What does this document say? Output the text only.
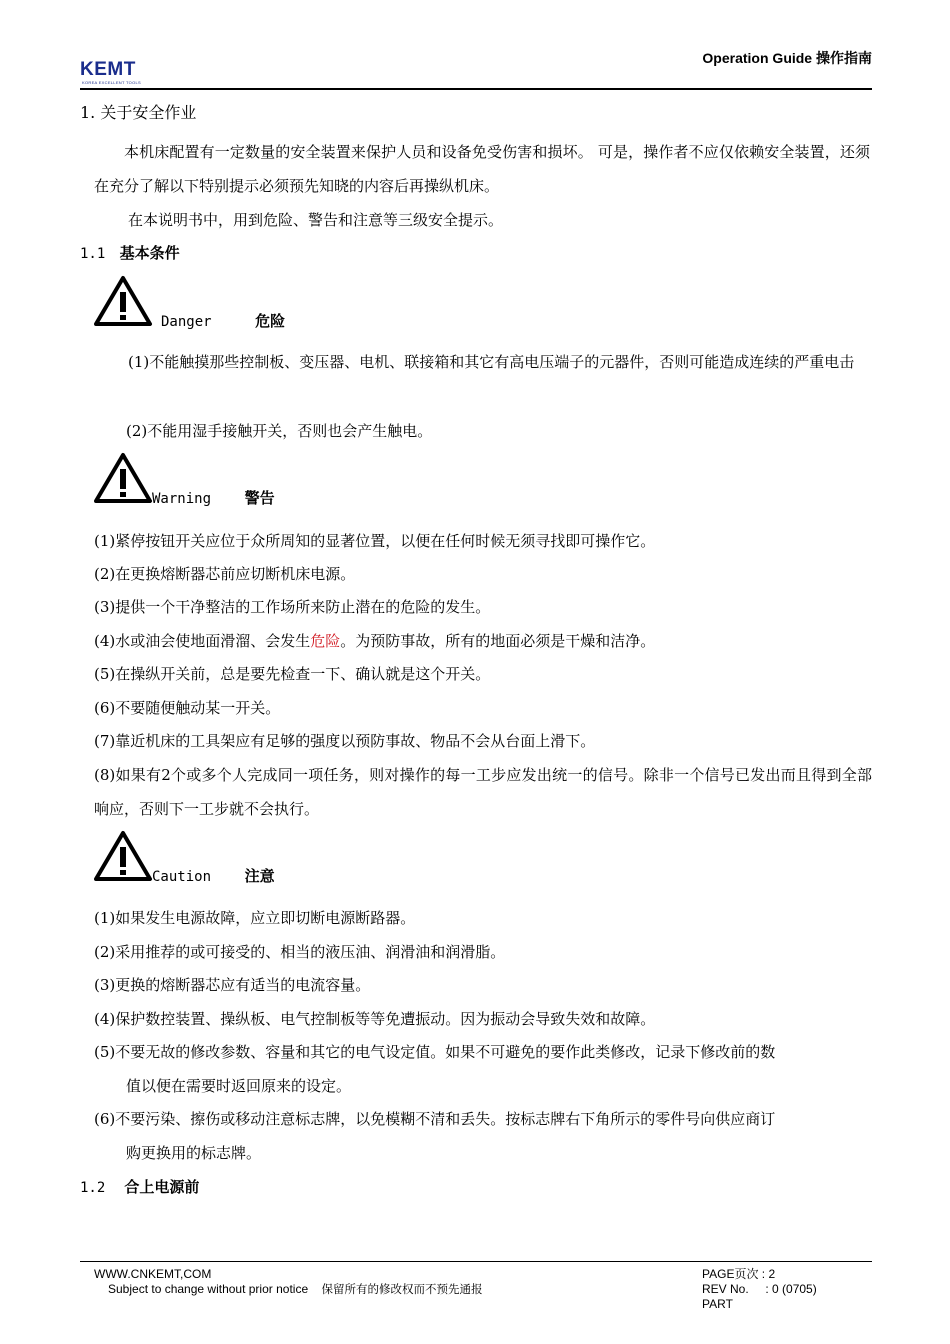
KEMT
KOREA EXCELLENT TOOLS
Operation Guide 操作指南
1. 关于安全作业
本机床配置有一定数量的安全装置来保护人员和设备免受伤害和损坏。 可是，操作者不应仅依赖安全装置，还须在充分了解以下特别提示必须预先知晓的内容后再操纵机床。
在本说明书中，用到危险、警告和注意等三级安全提示。
1.1 基本条件
Danger	危险
(1)不能触摸那些控制板、变压器、电机、联接箱和其它有高电压端子的元器件，否则可能造成连续的严重电击
(2)不能用湿手接触开关，否则也会产生触电。
Warning 警告
(1)紧停按钮开关应位于众所周知的显著位置，以便在任何时候无须寻找即可操作它。
(2)在更换熔断器芯前应切断机床电源。
(3)提供一个干净整洁的工作场所来防止潜在的危险的发生。
(4)水或油会使地面滑溜、会发生危险。为预防事故，所有的地面必须是干燥和洁净。
(5)在操纵开关前，总是要先检查一下、确认就是这个开关。
(6)不要随便触动某一开关。
(7)靠近机床的工具架应有足够的强度以预防事故、物品不会从台面上滑下。
(8)如果有2个或多个人完成同一项任务，则对操作的每一工步应发出统一的信号。除非一个信号已发出而且得到全部响应，否则下一工步就不会执行。
Caution 注意
(1)如果发生电源故障，应立即切断电源断路器。
(2)采用推荐的或可接受的、相当的液压油、润滑油和润滑脂。
(3)更换的熔断器芯应有适当的电流容量。
(4)保护数控装置、操纵板、电气控制板等等免遭振动。因为振动会导致失效和故障。
(5)不要无故的修改参数、容量和其它的电气设定值。如果不可避免的要作此类修改，记录下修改前的数
值以便在需要时返回原来的设定。
(6)不要污染、擦伤或移动注意标志牌，以免模糊不清和丢失。按标志牌右下角所示的零件号向供应商订
购更换用的标志牌。
1.2 合上电源前
WWW.CNKEMT,COM
Subject to change without prior notice 保留所有的修改权而不预先通报
PAGE页次 : 2
REV No. : 0 (0705)
PART
